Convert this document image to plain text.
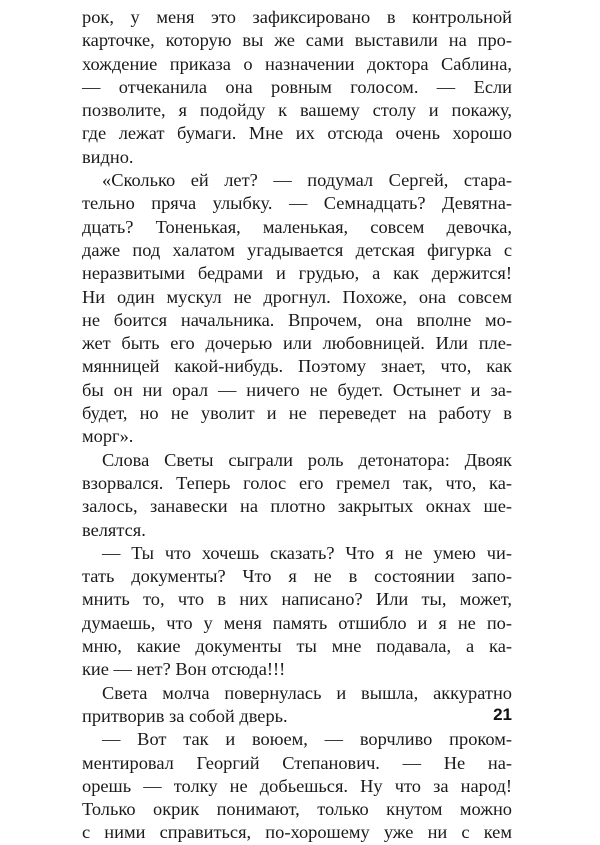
рок, у меня это зафиксировано в контрольной
карточке, которую вы же сами выставили на про-
хождение приказа о назначении доктора Саблина,
— отчеканила она ровным голосом. — Если
позволите, я подойду к вашему столу и покажу,
где лежат бумаги. Мне их отсюда очень хорошо
видно.
«Сколько ей лет? — подумал Сергей, стара-
тельно пряча улыбку. — Семнадцать? Девятна-
дцать? Тоненькая, маленькая, совсем девочка,
даже под халатом угадывается детская фигурка с
неразвитыми бедрами и грудью, а как держится!
Ни один мускул не дрогнул. Похоже, она совсем
не боится начальника. Впрочем, она вполне мо-
жет быть его дочерью или любовницей. Или пле-
мянницей какой-нибудь. Поэтому знает, что, как
бы он ни орал — ничего не будет. Остынет и за-
будет, но не уволит и не переведет на работу в
морг».
Слова Светы сыграли роль детонатора: Двояк
взорвался. Теперь голос его гремел так, что, ка-
залось, занавески на плотно закрытых окнах ше-
велятся.
— Ты что хочешь сказать? Что я не умею чи-
тать документы? Что я не в состоянии запо-
мнить то, что в них написано? Или ты, может,
думаешь, что у меня память отшибло и я не по-
мню, какие документы ты мне подавала, а ка-
кие — нет? Вон отсюда!!!
Света молча повернулась и вышла, аккуратно
притворив за собой дверь.
— Вот так и воюем, — ворчливо проком-
ментировал Георгий Степанович. — Не на-
орешь — толку не добьешься. Ну что за народ!
Только окрик понимают, только кнутом можно
с ними справиться, по-хорошему уже ни с кем
21
